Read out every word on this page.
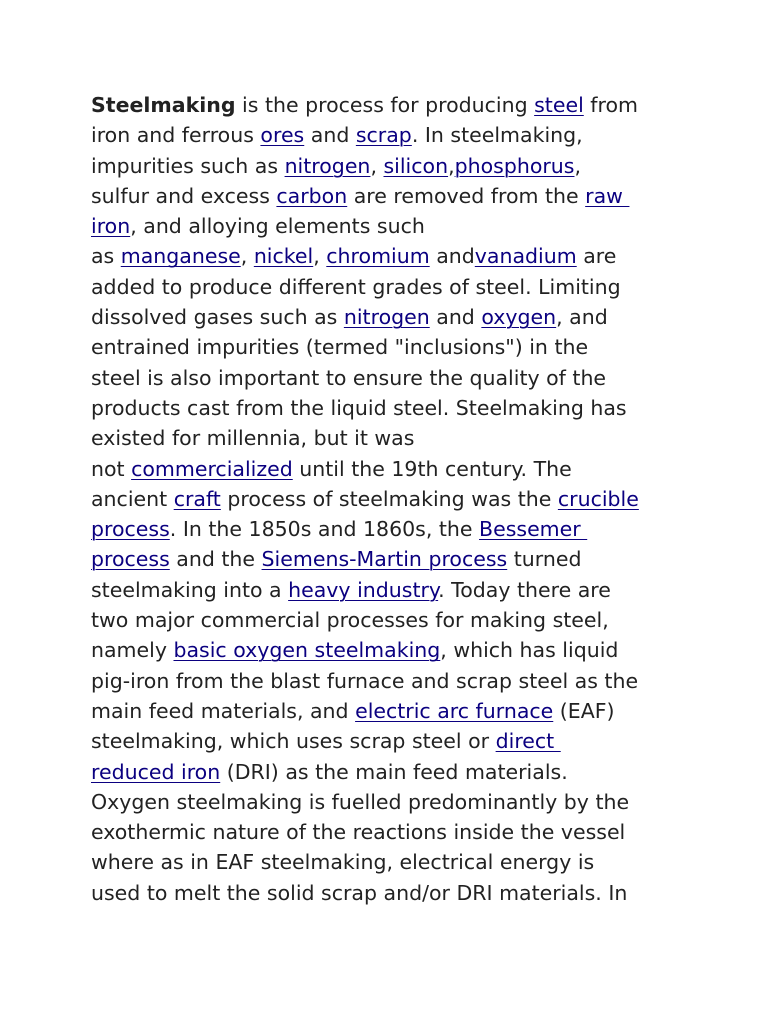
Steelmaking is the process for producing steel from
iron and ferrous ores and scrap. In steelmaking,
impurities such as nitrogen, silicon,phosphorus,
sulfur and excess carbon are removed from the raw
iron, and alloying elements such
as manganese, nickel, chromium andvanadium are
added to produce different grades of steel. Limiting
dissolved gases such as nitrogen and oxygen, and
entrained impurities (termed "inclusions") in the
steel is also important to ensure the quality of the
products cast from the liquid steel. Steelmaking has
existed for millennia, but it was
not commercialized until the 19th century. The
ancient craft process of steelmaking was the crucible
process. In the 1850s and 1860s, the Bessemer
process and the Siemens-Martin process turned
steelmaking into a heavy industry. Today there are
two major commercial processes for making steel,
namely basic oxygen steelmaking, which has liquid
pig-iron from the blast furnace and scrap steel as the
main feed materials, and electric arc furnace (EAF)
steelmaking, which uses scrap steel or direct
reduced iron (DRI) as the main feed materials.
Oxygen steelmaking is fuelled predominantly by the
exothermic nature of the reactions inside the vessel
where as in EAF steelmaking, electrical energy is
used to melt the solid scrap and/or DRI materials. In
